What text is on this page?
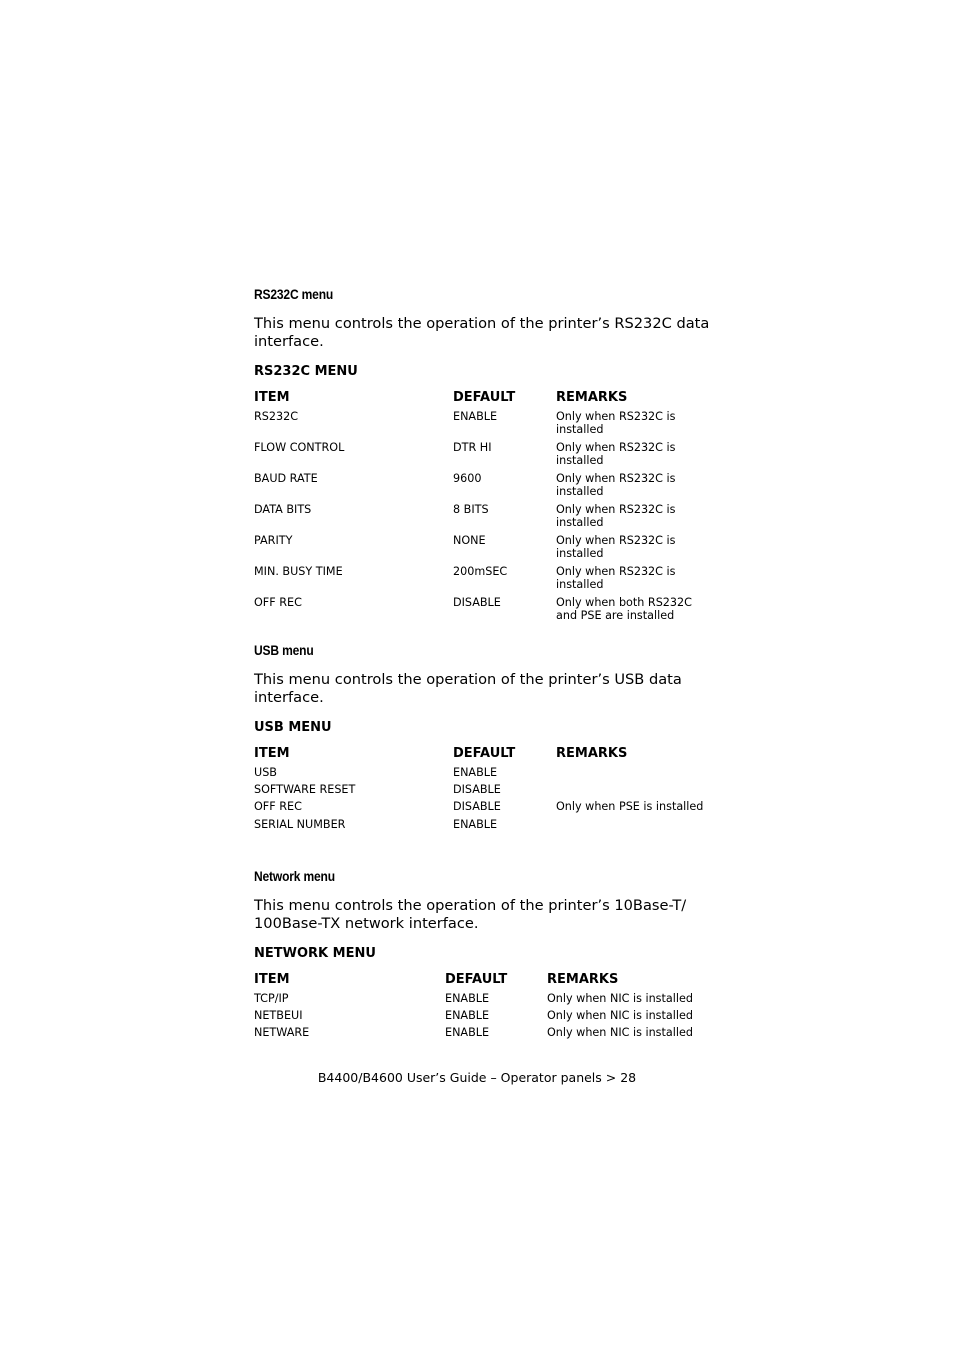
RS232C menu

This menu controls the operation of the printer’s RS232C data interface.

RS232C MENU
ITEM	DEFAULT	REMARKS
RS232C	ENABLE	Only when RS232C is installed
FLOW CONTROL	DTR HI	Only when RS232C is installed
BAUD RATE	9600	Only when RS232C is installed
DATA BITS	8 BITS	Only when RS232C is installed
PARITY	NONE	Only when RS232C is installed
MIN. BUSY TIME	200mSEC	Only when RS232C is installed
OFF REC	DISABLE	Only when both RS232C and PSE are installed
USB menu

This menu controls the operation of the printer’s USB data interface.

USB MENU
ITEM	DEFAULT	REMARKS
USB	ENABLE	
SOFTWARE RESET	DISABLE	
OFF REC	DISABLE	Only when PSE is installed
SERIAL NUMBER	ENABLE	
Network menu

This menu controls the operation of the printer’s 10Base-T/ 100Base-TX network interface.

NETWORK MENU
ITEM	DEFAULT	REMARKS
TCP/IP	ENABLE	Only when NIC is installed
NETBEUI	ENABLE	Only when NIC is installed
NETWARE	ENABLE	Only when NIC is installed
B4400/B4600 User’s Guide – Operator panels > 28
